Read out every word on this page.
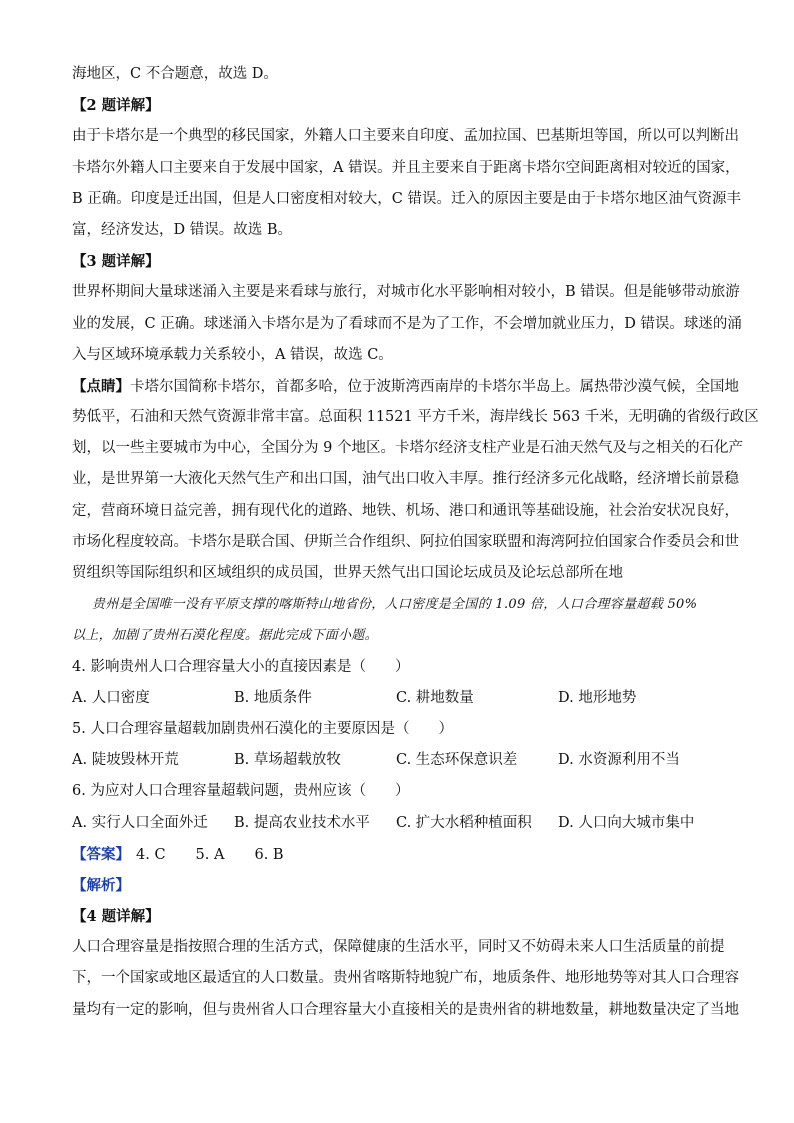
海地区，C 不合题意，故选 D。
【2 题详解】
由于卡塔尔是一个典型的移民国家，外籍人口主要来自印度、孟加拉国、巴基斯坦等国，所以可以判断出
卡塔尔外籍人口主要来自于发展中国家，A 错误。并且主要来自于距离卡塔尔空间距离相对较近的国家，
B 正确。印度是迁出国，但是人口密度相对较大，C 错误。迁入的原因主要是由于卡塔尔地区油气资源丰
富，经济发达，D 错误。故选 B。
【3 题详解】
世界杯期间大量球迷涌入主要是来看球与旅行，对城市化水平影响相对较小，B 错误。但是能够带动旅游
业的发展，C 正确。球迷涌入卡塔尔是为了看球而不是为了工作，不会增加就业压力，D 错误。球迷的涌
入与区域环境承载力关系较小，A 错误，故选 C。
【点睛】卡塔尔国简称卡塔尔，首都多哈，位于波斯湾西南岸的卡塔尔半岛上。属热带沙漠气候，全国地
势低平，石油和天然气资源非常丰富。总面积 11521 平方千米，海岸线长 563 千米，无明确的省级行政区
划，以一些主要城市为中心，全国分为 9 个地区。卡塔尔经济支柱产业是石油天然气及与之相关的石化产
业，是世界第一大液化天然气生产和出口国，油气出口收入丰厚。推行经济多元化战略，经济增长前景稳
定，营商环境日益完善，拥有现代化的道路、地铁、机场、港口和通讯等基础设施，社会治安状况良好，
市场化程度较高。卡塔尔是联合国、伊斯兰合作组织、阿拉伯国家联盟和海湾阿拉伯国家合作委员会和世
贸组织等国际组织和区域组织的成员国，世界天然气出口国论坛成员及论坛总部所在地
贵州是全国唯一没有平原支撑的喀斯特山地省份，人口密度是全国的 1.09 倍，人口合理容量超载 50%
以上，加剧了贵州石漠化程度。据此完成下面小题。
4. 影响贵州人口合理容量大小的直接因素是（　　）
A. 人口密度	B. 地质条件	C. 耕地数量	D. 地形地势
5. 人口合理容量超载加剧贵州石漠化的主要原因是（　　）
A. 陡坡毁林开荒	B. 草场超载放牧	C. 生态环保意识差	D. 水资源利用不当
6. 为应对人口合理容量超载问题，贵州应该（　　）
A. 实行人口全面外迁	B. 提高农业技术水平	C. 扩大水稻种植面积	D. 人口向大城市集中
【答案】 4. C 5. A 6. B
【解析】
【4 题详解】
人口合理容量是指按照合理的生活方式，保障健康的生活水平，同时又不妨碍未来人口生活质量的前提
下，一个国家或地区最适宜的人口数量。贵州省喀斯特地貌广布，地质条件、地形地势等对其人口合理容
量均有一定的影响，但与贵州省人口合理容量大小直接相关的是贵州省的耕地数量，耕地数量决定了当地
